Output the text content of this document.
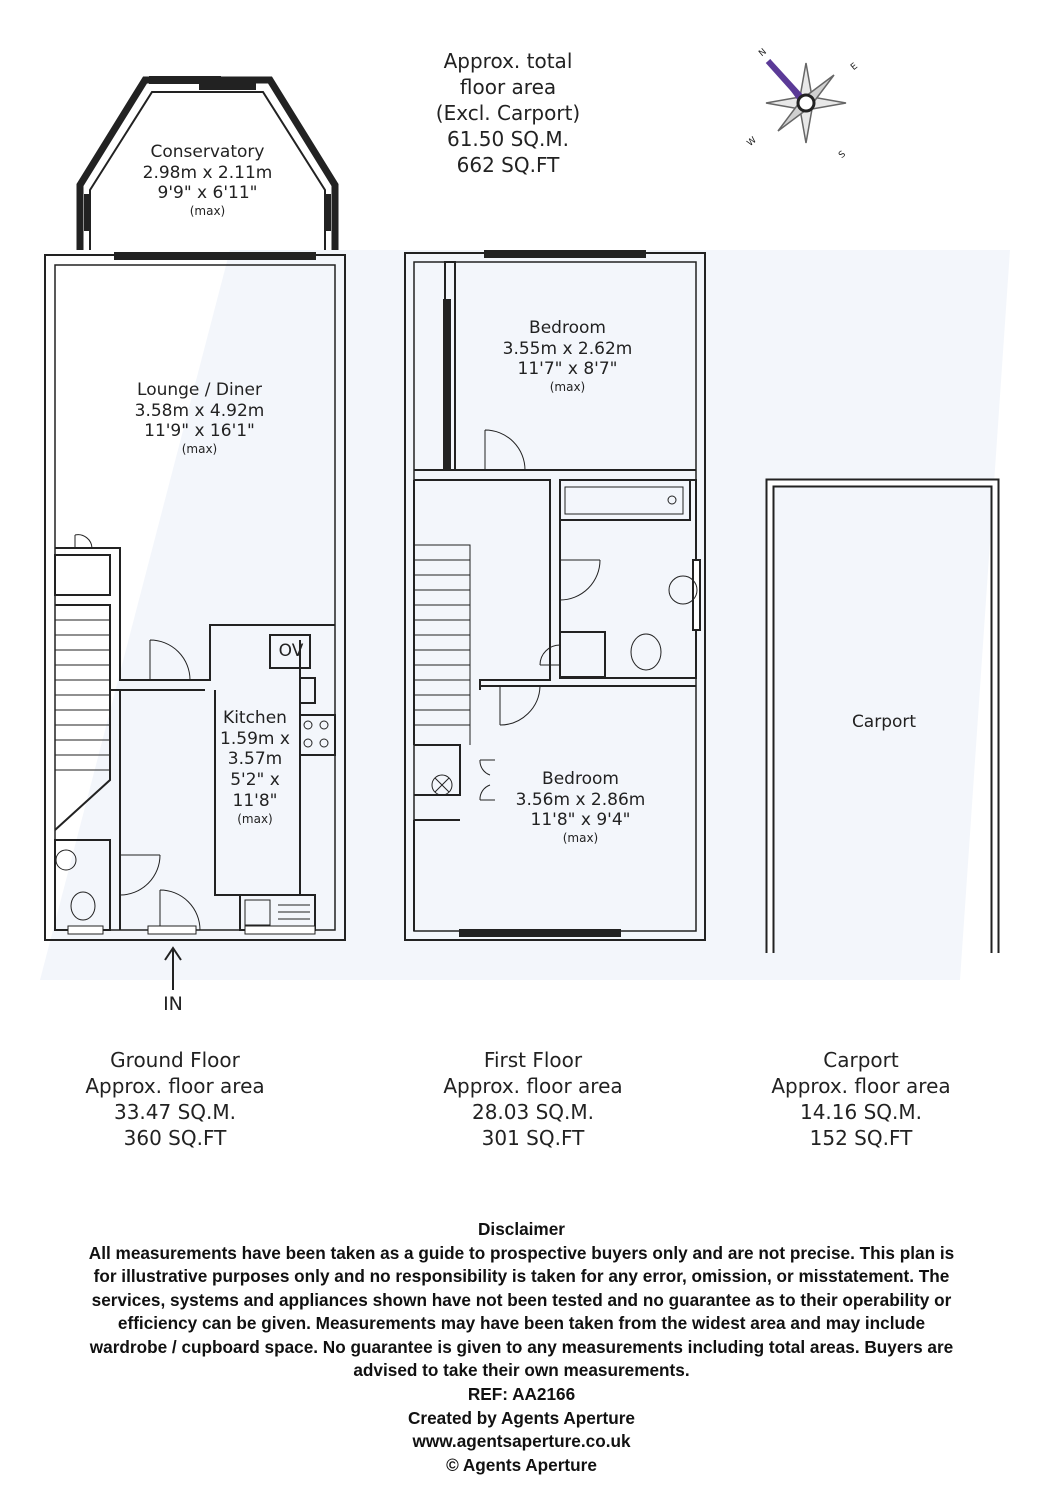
N
E
S
W
Approx. total
floor area
(Excl. Carport)
61.50 SQ.M.
662 SQ.FT
Conservatory
2.98m x 2.11m
9'9" x 6'11"
(max)
Lounge / Diner
3.58m x 4.92m
11'9" x 16'1"
(max)
Kitchen
1.59m x
3.57m
5'2" x
11'8"
(max)
OV
IN
Bedroom
3.55m x 2.62m
11'7" x 8'7"
(max)
Bedroom
3.56m x 2.86m
11'8" x 9'4"
(max)
Carport
Ground Floor
Approx. floor area
33.47 SQ.M.
360 SQ.FT
First Floor
Approx. floor area
28.03 SQ.M.
301 SQ.FT
Carport
Approx. floor area
14.16 SQ.M.
152 SQ.FT
Disclaimer
All measurements have been taken as a guide to prospective buyers only and are not precise. This plan is
for illustrative purposes only and no responsibility is taken for any error, omission, or misstatement. The
services, systems and appliances shown have not been tested and no guarantee as to their operability or
efficiency can be given. Measurements may have been taken from the widest area and may include
wardrobe / cupboard space. No guarantee is given to any measurements including total areas. Buyers are
advised to take their own measurements.
REF: AA2166
Created by Agents Aperture
www.agentsaperture.co.uk
© Agents Aperture
